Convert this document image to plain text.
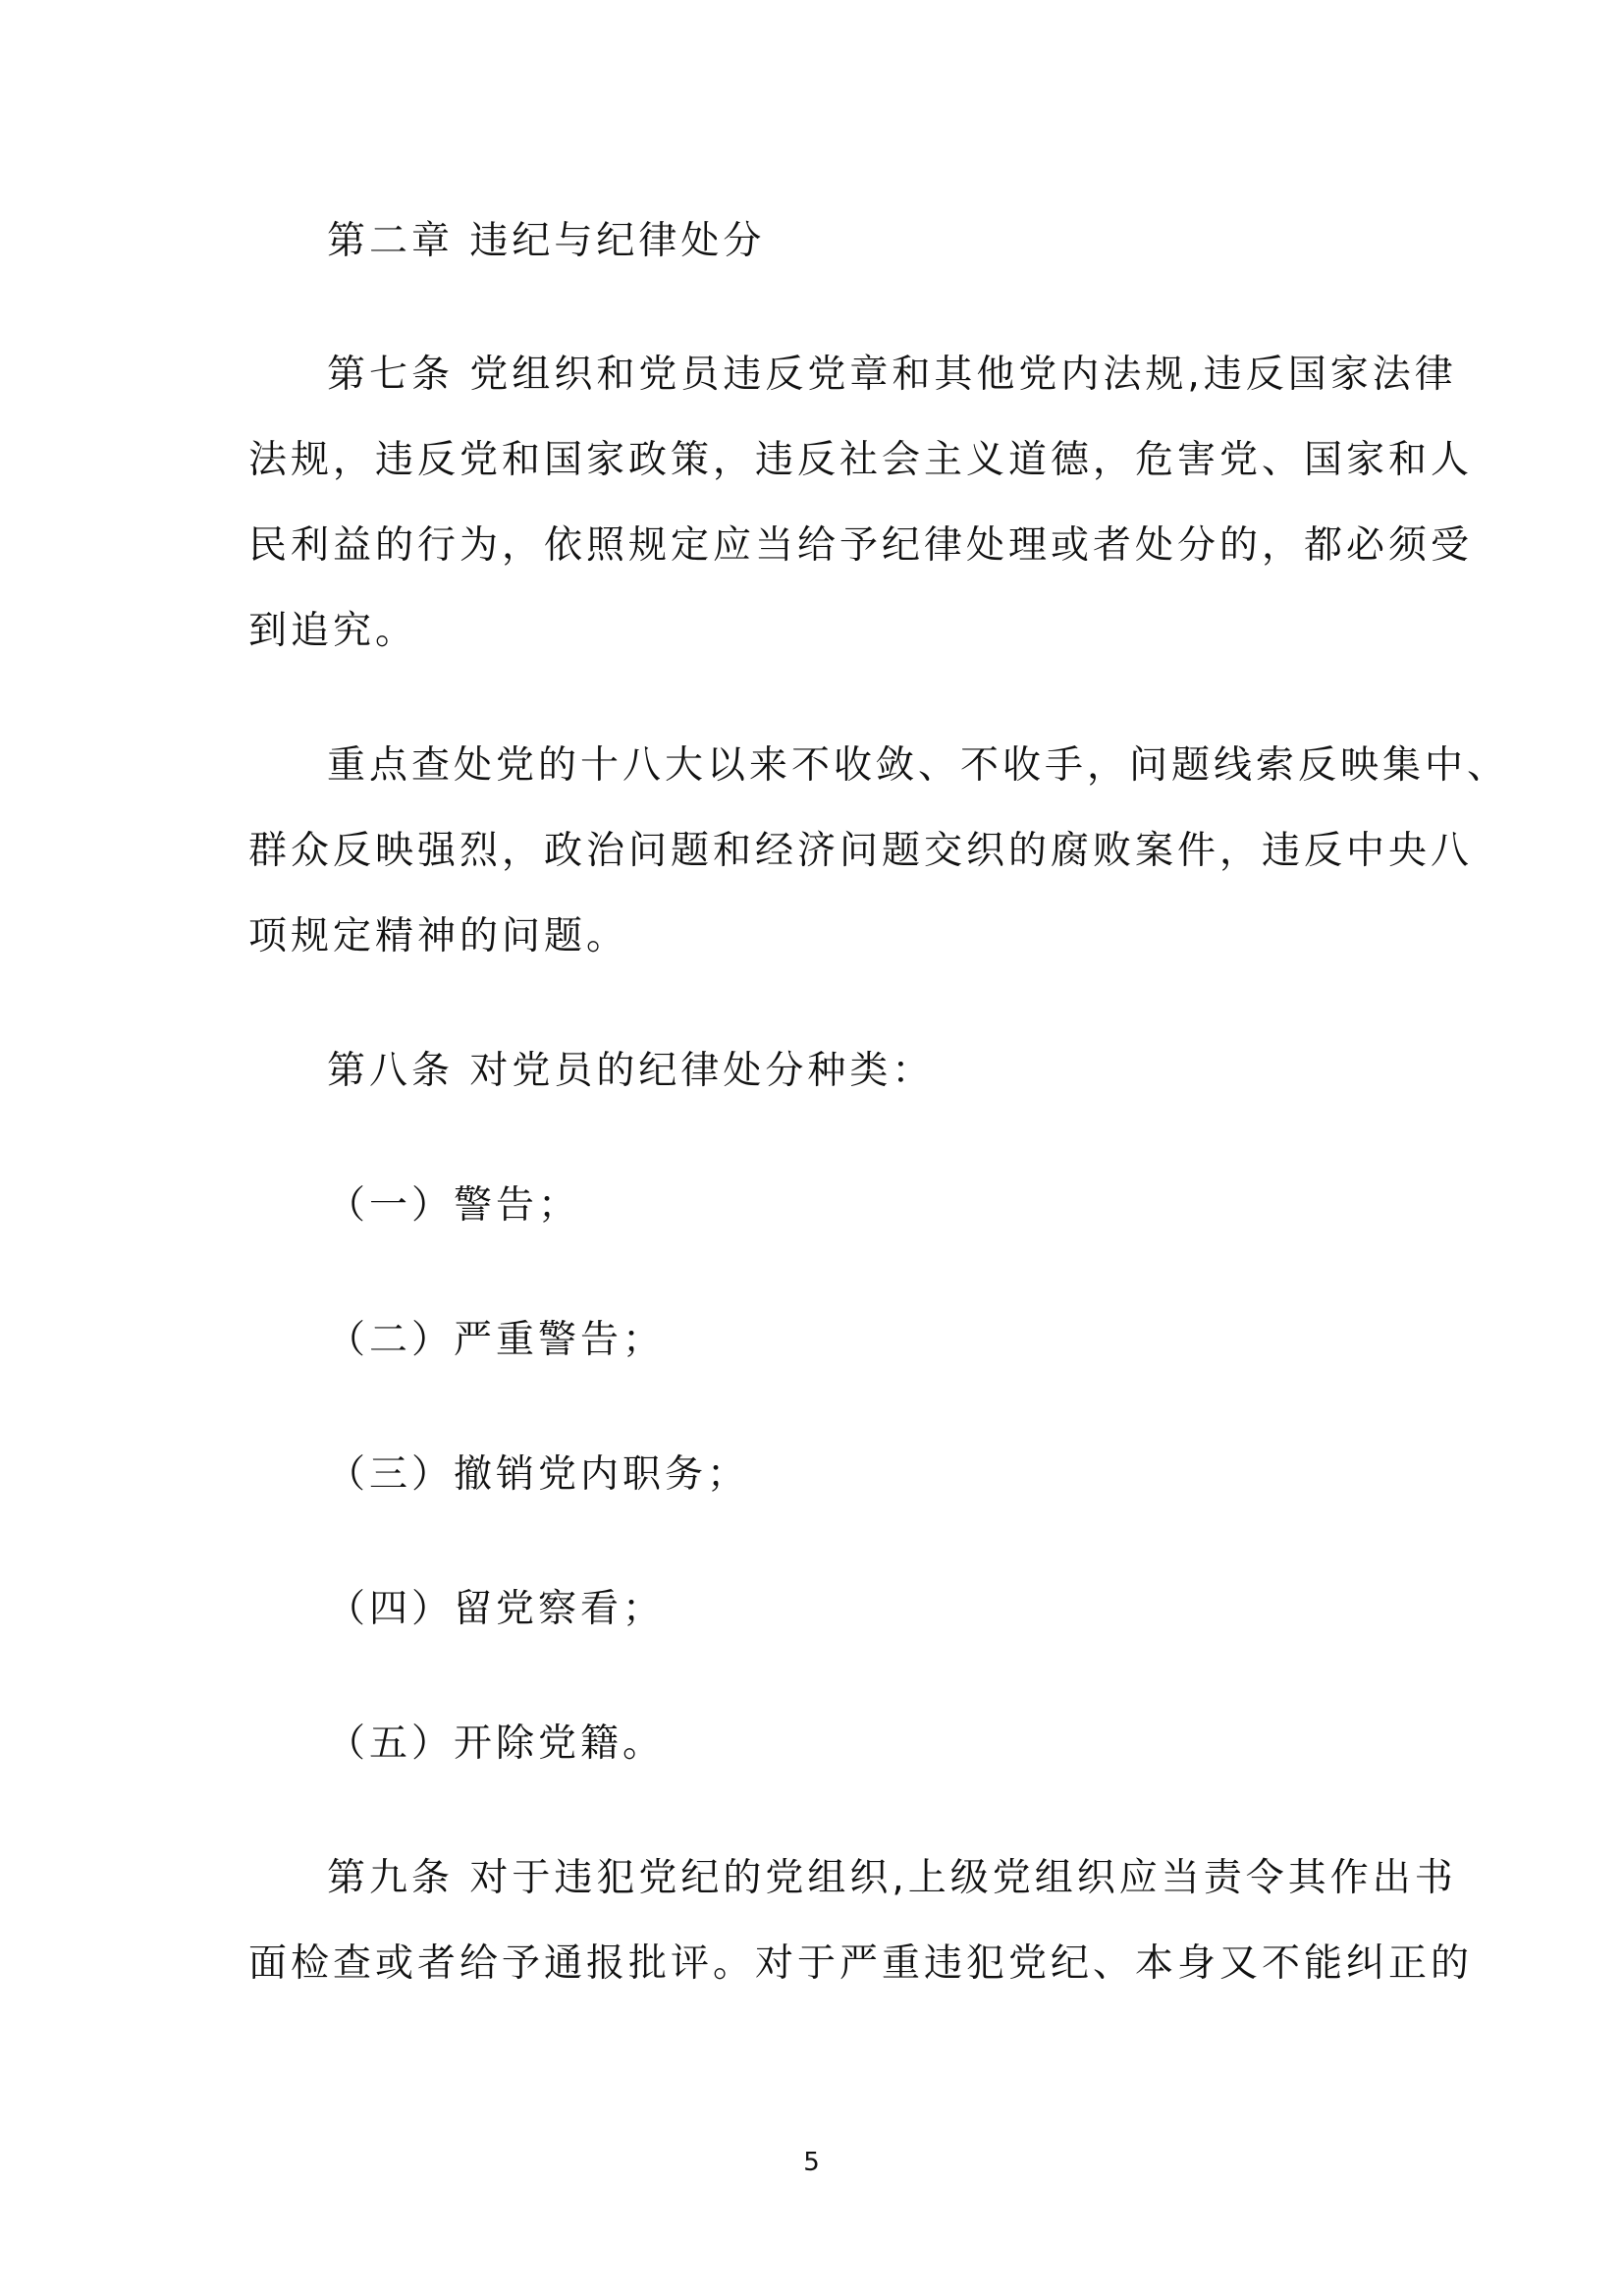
第二章 违纪与纪律处分
第七条 党组织和党员违反党章和其他党内法规,违反国家法律
法规，违反党和国家政策，违反社会主义道德，危害党、国家和人
民利益的行为，依照规定应当给予纪律处理或者处分的，都必须受
到追究。
重点查处党的十八大以来不收敛、不收手，问题线索反映集中、
群众反映强烈，政治问题和经济问题交织的腐败案件，违反中央八
项规定精神的问题。
第八条 对党员的纪律处分种类：
（一）警告；
（二）严重警告；
（三）撤销党内职务；
（四）留党察看；
（五）开除党籍。
第九条 对于违犯党纪的党组织,上级党组织应当责令其作出书
面检查或者给予通报批评。对于严重违犯党纪、本身又不能纠正的
5
